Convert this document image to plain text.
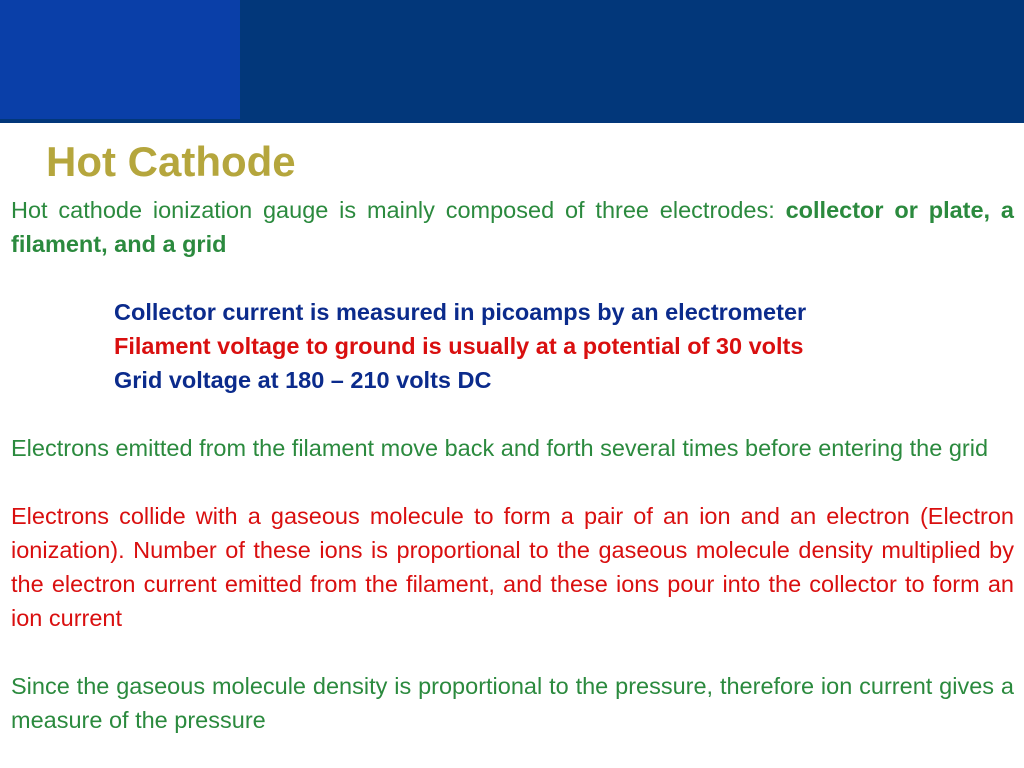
Hot Cathode

Hot cathode ionization gauge is mainly composed of three electrodes: collector or plate, a filament, and a grid

Collector current is measured in picoamps by an electrometer

Filament voltage to ground is usually at a potential of 30 volts

Grid voltage at 180 – 210 volts DC

Electrons emitted from the filament move back and forth several times before entering the grid

Electrons collide with a gaseous molecule to form a pair of an ion and an electron (Electron ionization). Number of these ions is proportional to the gaseous molecule density multiplied by the electron current emitted from the filament, and these ions pour into the collector to form an ion current

Since the gaseous molecule density is proportional to the pressure, therefore ion current gives a measure of the pressure
